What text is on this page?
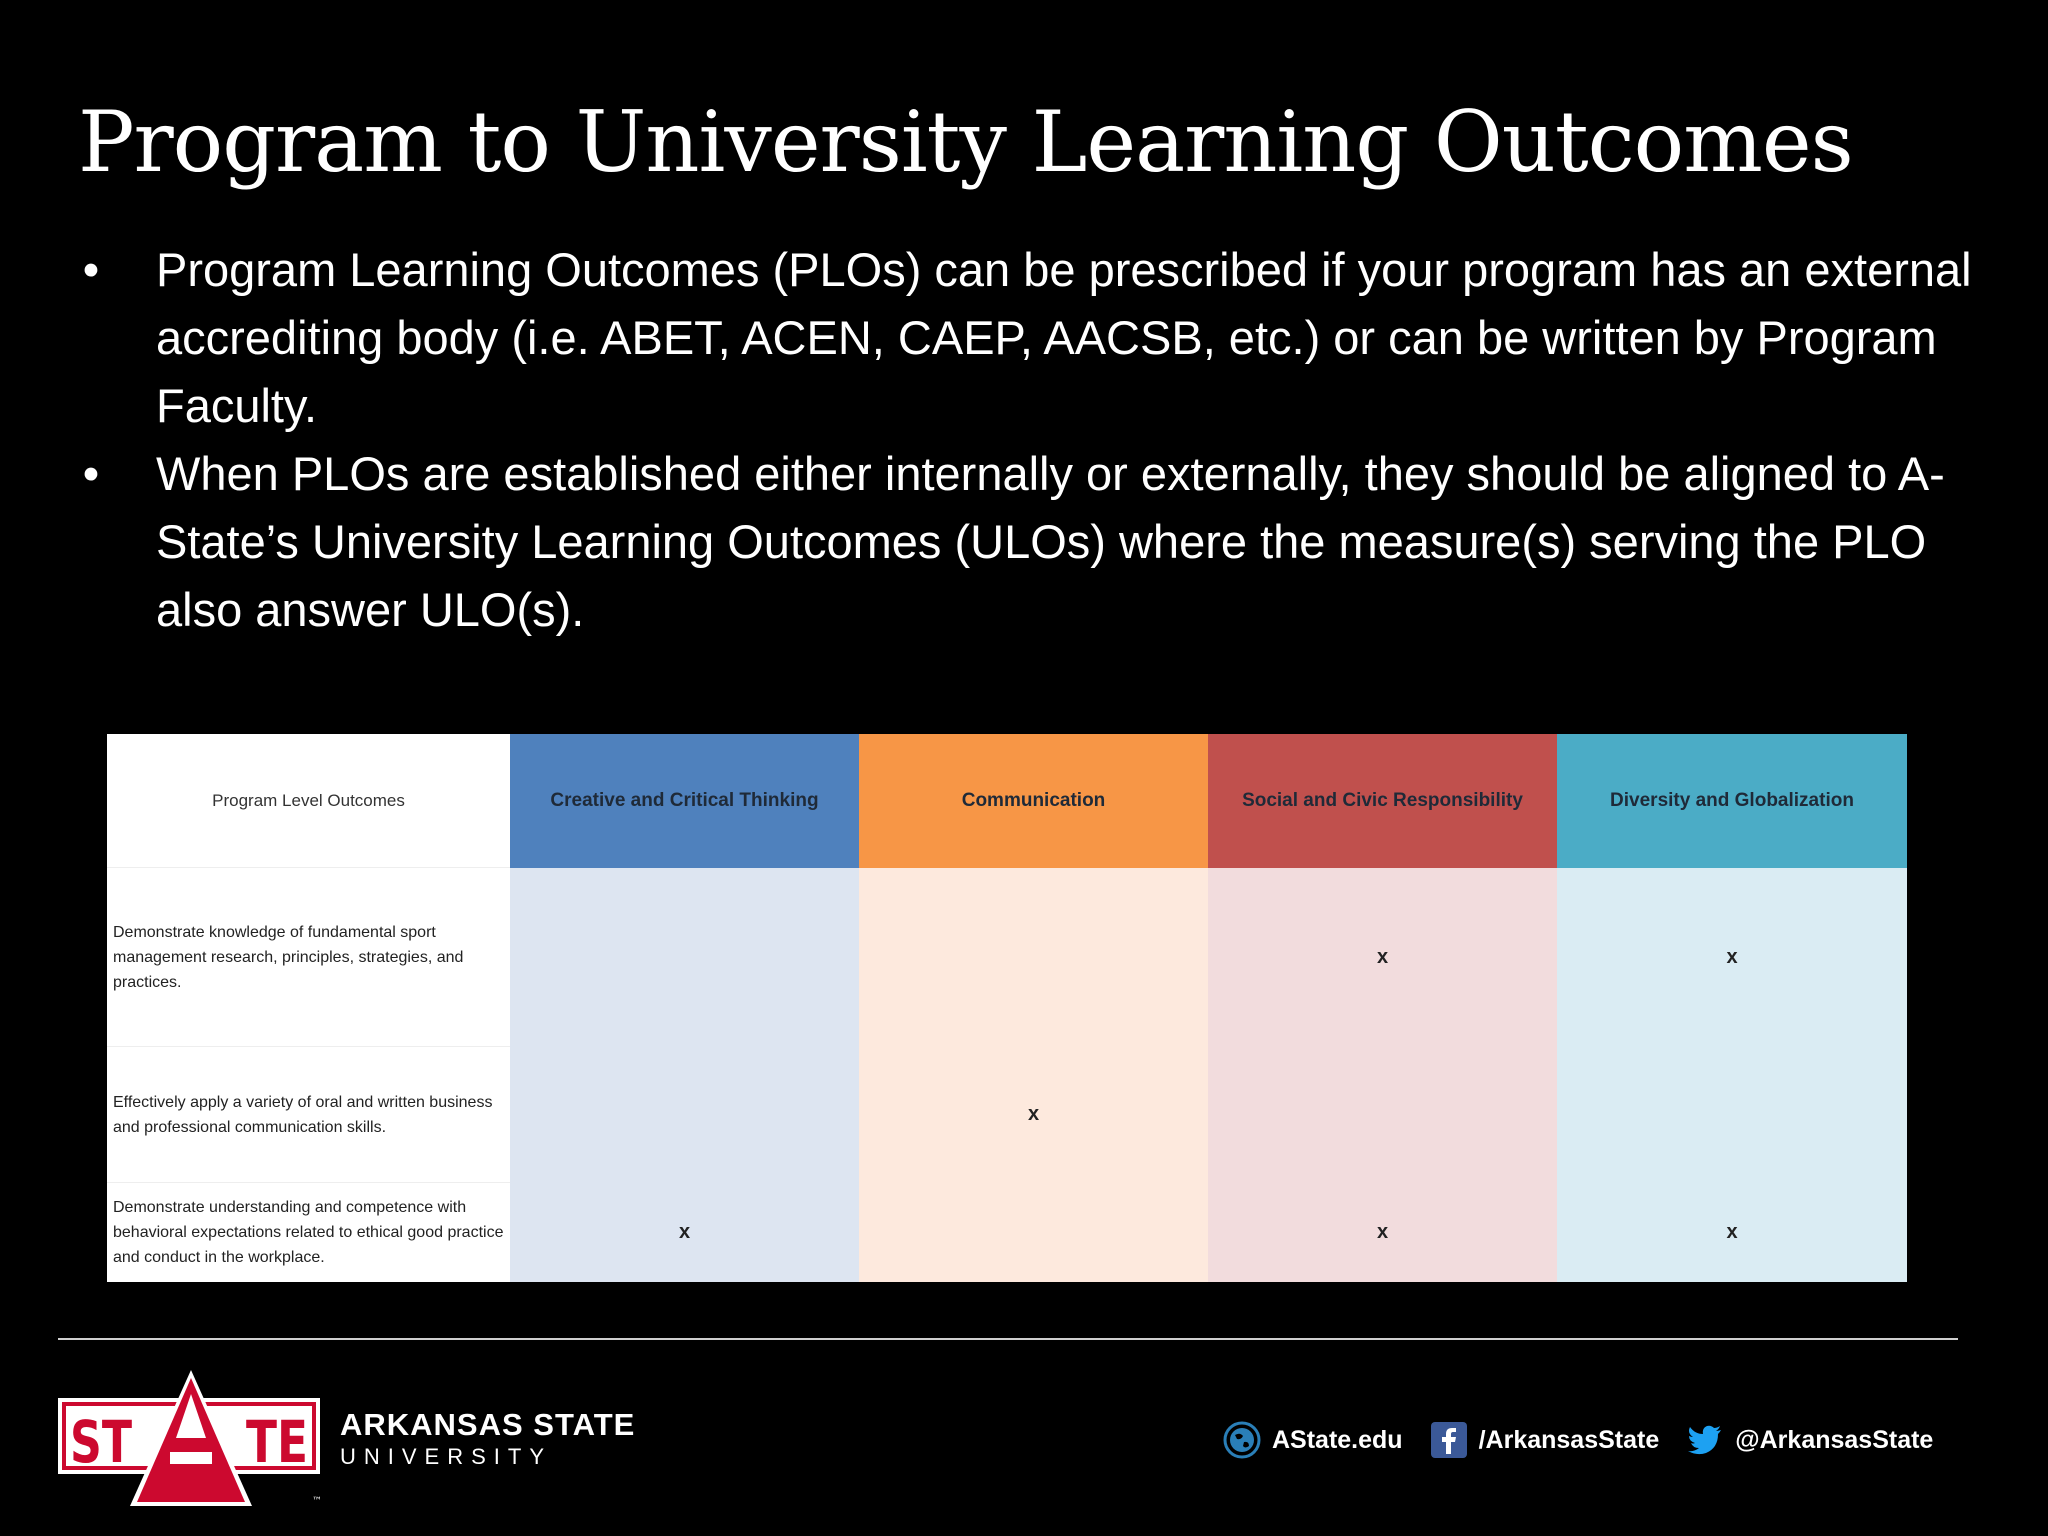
Program to University Learning Outcomes
• Program Learning Outcomes (PLOs) can be prescribed if your program has an external accrediting body (i.e. ABET, ACEN, CAEP, AACSB, etc.) or can be written by Program Faculty.
• When PLOs are established either internally or externally, they should be aligned to A-State’s University Learning Outcomes (ULOs) where the measure(s) serving the PLO also answer ULO(s).
Program Level Outcomes	Creative and Critical Thinking	Communication	Social and Civic Responsibility	Diversity and Globalization
Demonstrate knowledge of fundamental sport management research, principles, strategies, and practices.			x	x
Effectively apply a variety of oral and written business and professional communication skills.		x		
Demonstrate understanding and competence with behavioral expectations related to ethical good practice and conduct in the workplace.	x		x	x
ST TE
™
ARKANSAS STATE
UNIVERSITY
AState.edu	/ArkansasState	@ArkansasState
